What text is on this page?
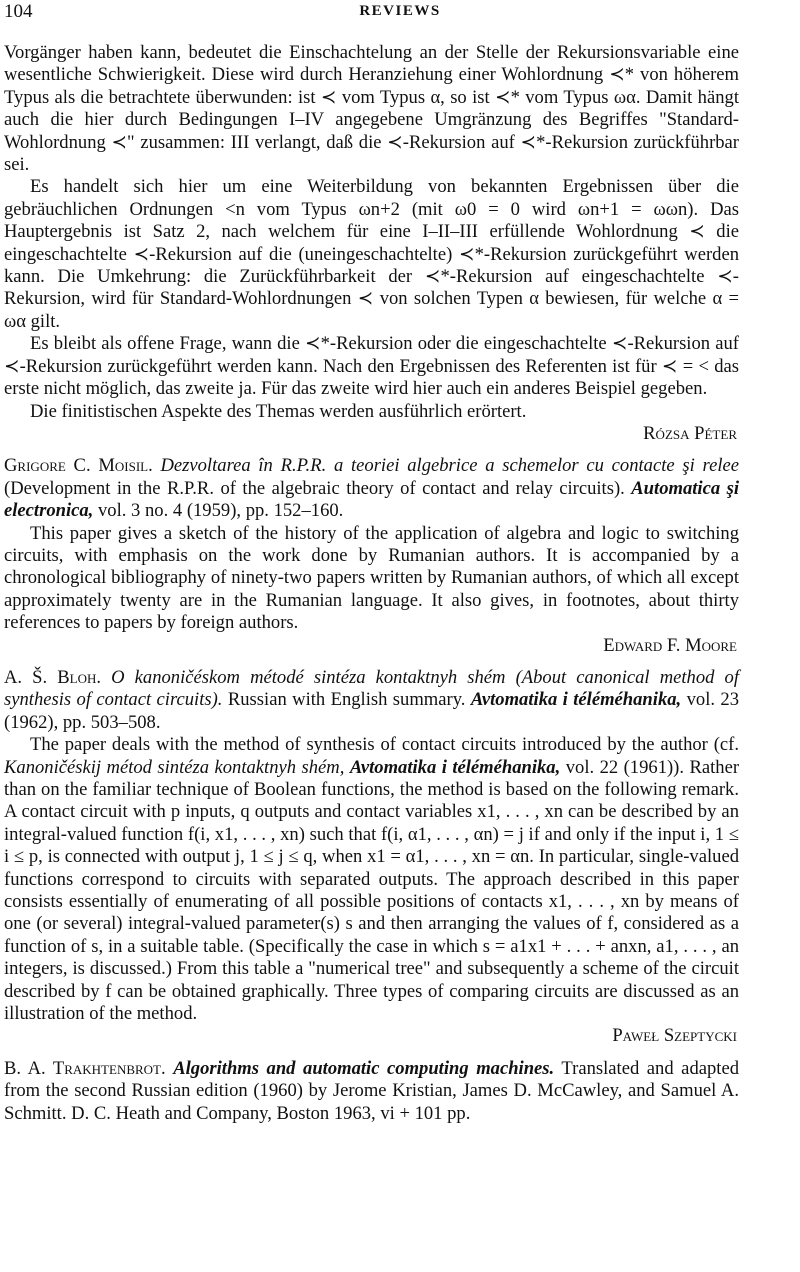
104	REVIEWS

Vorgänger haben kann, bedeutet die Einschachtelung an der Stelle der Rekursionsvariable eine wesentliche Schwierigkeit. Diese wird durch Heranziehung einer Wohlordnung ≺* von höherem Typus als die betrachtete überwunden: ist ≺ vom Typus α, so ist ≺* vom Typus ωα. Damit hängt auch die hier durch Bedingungen I–IV angegebene Umgränzung des Begriffes "Standard-Wohlordnung ≺" zusammen: III verlangt, daß die ≺-Rekursion auf ≺*-Rekursion zurückführbar sei.

Es handelt sich hier um eine Weiterbildung von bekannten Ergebnissen über die gebräuchlichen Ordnungen <n vom Typus ωn+2 (mit ω0 = 0 wird ωn+1 = ωωn). Das Hauptergebnis ist Satz 2, nach welchem für eine I–II–III erfüllende Wohlordnung ≺ die eingeschachtelte ≺-Rekursion auf die (uneingeschachtelte) ≺*-Rekursion zurückgeführt werden kann. Die Umkehrung: die Zurückführbarkeit der ≺*-Rekursion auf eingeschachtelte ≺-Rekursion, wird für Standard-Wohlordnungen ≺ von solchen Typen α bewiesen, für welche α = ωα gilt.

Es bleibt als offene Frage, wann die ≺*-Rekursion oder die eingeschachtelte ≺-Rekursion auf ≺-Rekursion zurückgeführt werden kann. Nach den Ergebnissen des Referenten ist für ≺ = < das erste nicht möglich, das zweite ja. Für das zweite wird hier auch ein anderes Beispiel gegeben.

Die finitistischen Aspekte des Themas werden ausführlich erörtert.

Rózsa Péter

Grigore C. Moisil. Dezvoltarea în R.P.R. a teoriei algebrice a schemelor cu contacte şi relee (Development in the R.P.R. of the algebraic theory of contact and relay circuits). Automatica şi electronica, vol. 3 no. 4 (1959), pp. 152–160.

This paper gives a sketch of the history of the application of algebra and logic to switching circuits, with emphasis on the work done by Rumanian authors. It is accompanied by a chronological bibliography of ninety-two papers written by Rumanian authors, of which all except approximately twenty are in the Rumanian language. It also gives, in footnotes, about thirty references to papers by foreign authors.

Edward F. Moore

A. Š. Bloh. O kanoničéskom métodé sintéza kontaktnyh shém (About canonical method of synthesis of contact circuits). Russian with English summary. Avtomatika i téléméhanika, vol. 23 (1962), pp. 503–508.

The paper deals with the method of synthesis of contact circuits introduced by the author (cf. Kanoničéskij métod sintéza kontaktnyh shém, Avtomatika i téléméhanika, vol. 22 (1961)). Rather than on the familiar technique of Boolean functions, the method is based on the following remark. A contact circuit with p inputs, q outputs and contact variables x1, . . . , xn can be described by an integral-valued function f(i, x1, . . . , xn) such that f(i, α1, . . . , αn) = j if and only if the input i, 1 ≤ i ≤ p, is connected with output j, 1 ≤ j ≤ q, when x1 = α1, . . . , xn = αn. In particular, single-valued functions correspond to circuits with separated outputs. The approach described in this paper consists essentially of enumerating of all possible positions of contacts x1, . . . , xn by means of one (or several) integral-valued parameter(s) s and then arranging the values of f, considered as a function of s, in a suitable table. (Specifically the case in which s = a1x1 + . . . + anxn, a1, . . . , an integers, is discussed.) From this table a "numerical tree" and subsequently a scheme of the circuit described by f can be obtained graphically. Three types of comparing circuits are discussed as an illustration of the method.

Paweł Szeptycki

B. A. Trakhtenbrot. Algorithms and automatic computing machines. Translated and adapted from the second Russian edition (1960) by Jerome Kristian, James D. McCawley, and Samuel A. Schmitt. D. C. Heath and Company, Boston 1963, vi + 101 pp.
